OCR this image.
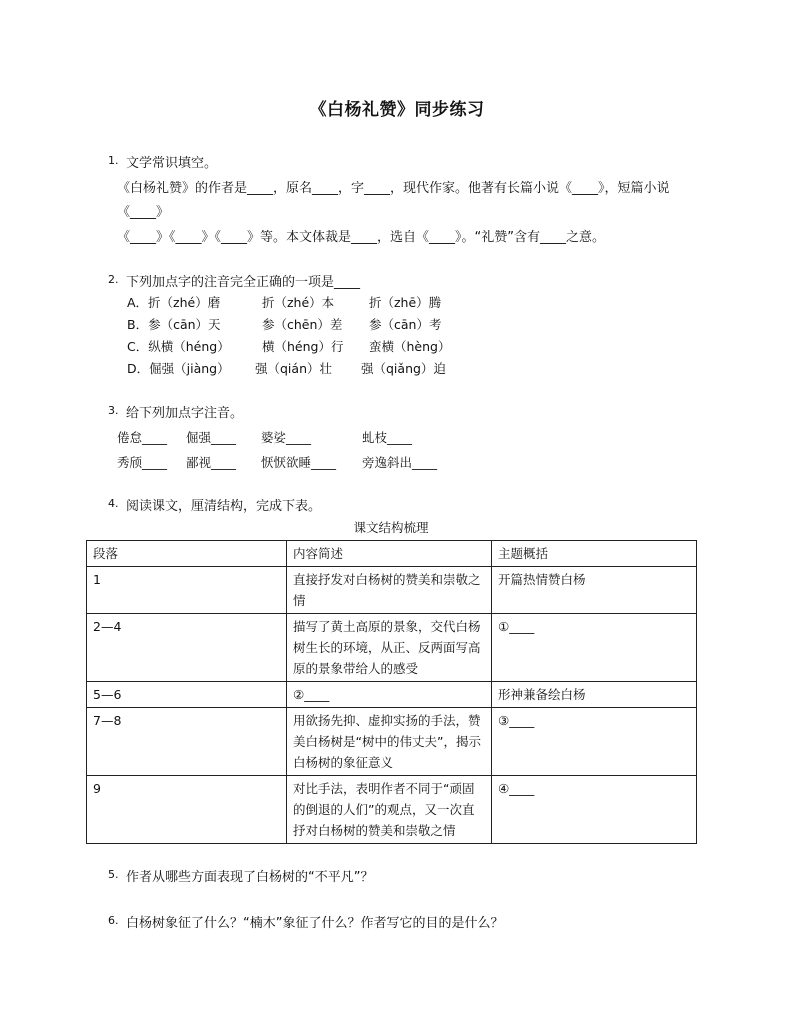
《白杨礼赞》同步练习
1. 文学常识填空。
《白杨礼赞》的作者是____，原名____，字____，现代作家。他著有长篇小说《____》，短篇小说
《____》
《____》《____》《____》等。本文体裁是____，选自《____》。“礼赞”含有____之意。
2. 下列加点字的注音完全正确的一项是____
A．折（zhé）磨	折（zhé）本	折（zhē）腾
B．参（cān）天	参（chēn）差 参（cān）考
C．纵横（héng）	横（héng）行 蛮横（hèng）
D．倔强（jiàng） 强（qián）壮 强（qiǎng）迫
3. 给下列加点字注音。
倦怠____ 倔强____ 婆娑____	虬枝____
秀颀____ 鄙视____ 恹恹欲睡____ 旁逸斜出____
4. 阅读课文，厘清结构，完成下表。
课文结构梳理
段落	内容简述	主题概括
1	直接抒发对白杨树的赞美和崇敬之情	开篇热情赞白杨
2—4	描写了黄土高原的景象，交代白杨树生长的环境，从正、反两面写高原的景象带给人的感受	①____
5—6	②____	形神兼备绘白杨
7—8	用欲扬先抑、虚抑实扬的手法，赞美白杨树是“树中的伟丈夫”，揭示白杨树的象征意义	③____
9	对比手法，表明作者不同于“顽固的倒退的人们”的观点，又一次直抒对白杨树的赞美和崇敬之情	④____
5. 作者从哪些方面表现了白杨树的“不平凡”？
6. 白杨树象征了什么？“楠木”象征了什么？作者写它的目的是什么？
